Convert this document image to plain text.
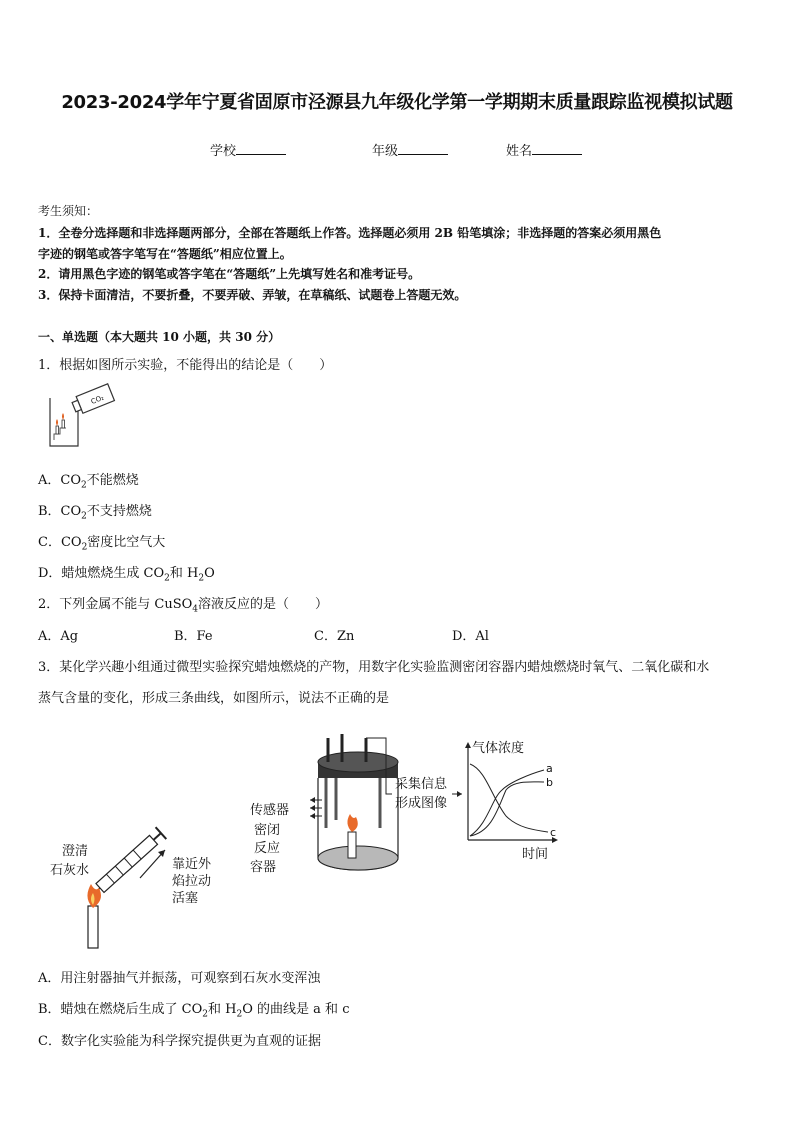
2023-2024学年宁夏省固原市泾源县九年级化学第一学期期末质量跟踪监视模拟试题
学校	年级	姓名
考生须知：
1．全卷分选择题和非选择题两部分，全部在答题纸上作答。选择题必须用 2B 铅笔填涂；非选择题的答案必须用黑色
字迹的钢笔或答字笔写在“答题纸”相应位置上。
2．请用黑色字迹的钢笔或答字笔在“答题纸”上先填写姓名和准考证号。
3．保持卡面清洁，不要折叠，不要弄破、弄皱，在草稿纸、试题卷上答题无效。
一、单选题（本大题共 10 小题，共 30 分）
1．根据如图所示实验，不能得出的结论是（　　）
CO₂
A．$CO_2$不能燃烧
B．$CO_2$不支持燃烧
C．$CO_2$密度比空气大
D．蜡烛燃烧生成 $CO_2$和 $H_2O$
2．下列金属不能与 CuSO$_4$溶液反应的是（　　）
A．Ag	B．Fe	C．Zn	D．Al
3．某化学兴趣小组通过微型实验探究蜡烛燃烧的产物，用数字化实验监测密闭容器内蜡烛燃烧时氧气、二氧化碳和水
蒸气含量的变化，形成三条曲线，如图所示，说法不正确的是
澄清
石灰水	靠近外
焰拉动
活塞
传感器
密闭
反应
容器
采集信息
形成图像
气体浓度
时间
a
b
c
A．用注射器抽气并振荡，可观察到石灰水变浑浊
B．蜡烛在燃烧后生成了 $CO_2$和 $H_2O$ 的曲线是 a 和 c
C．数字化实验能为科学探究提供更为直观的证据
